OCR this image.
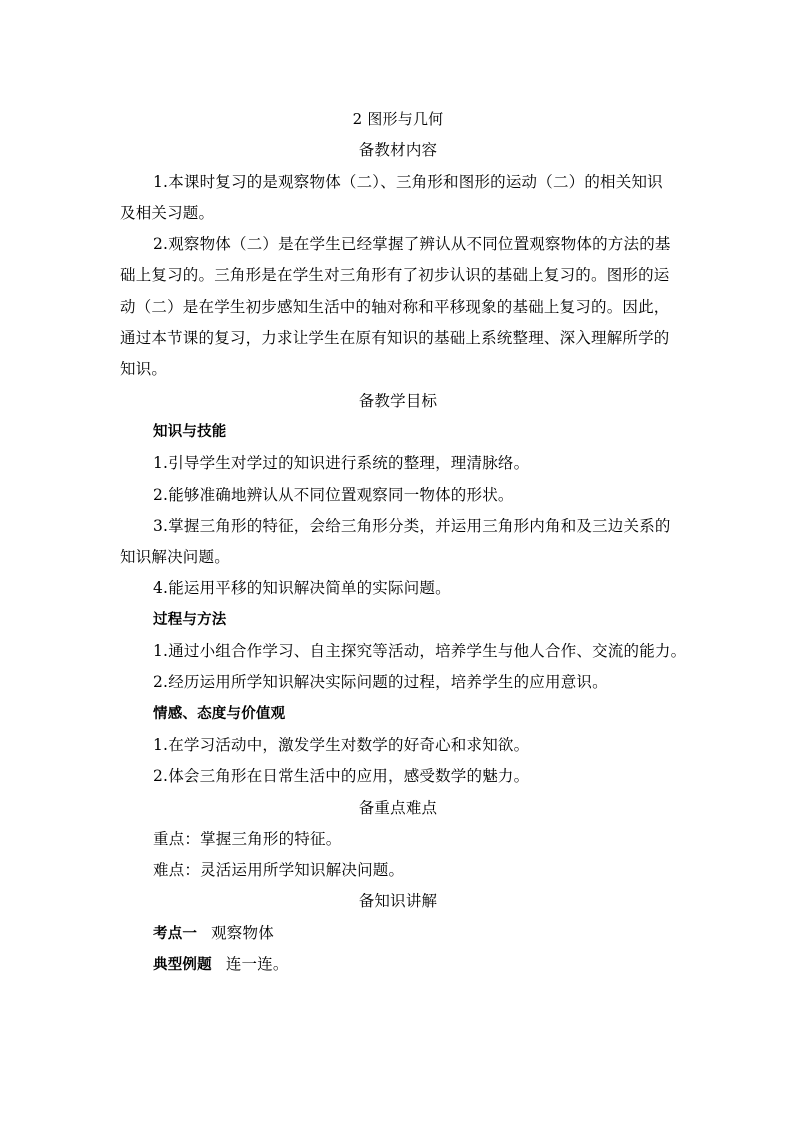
2 图形与几何
备教材内容
1.本课时复习的是观察物体（二）、三角形和图形的运动（二）的相关知识
及相关习题。
2.观察物体（二）是在学生已经掌握了辨认从不同位置观察物体的方法的基
础上复习的。三角形是在学生对三角形有了初步认识的基础上复习的。图形的运
动（二）是在学生初步感知生活中的轴对称和平移现象的基础上复习的。因此，
通过本节课的复习，力求让学生在原有知识的基础上系统整理、深入理解所学的
知识。
备教学目标
知识与技能
1.引导学生对学过的知识进行系统的整理，理清脉络。
2.能够准确地辨认从不同位置观察同一物体的形状。
3.掌握三角形的特征，会给三角形分类，并运用三角形内角和及三边关系的
知识解决问题。
4.能运用平移的知识解决简单的实际问题。
过程与方法
1.通过小组合作学习、自主探究等活动，培养学生与他人合作、交流的能力。
2.经历运用所学知识解决实际问题的过程，培养学生的应用意识。
情感、态度与价值观
1.在学习活动中，激发学生对数学的好奇心和求知欲。
2.体会三角形在日常生活中的应用，感受数学的魅力。
备重点难点
重点：掌握三角形的特征。
难点：灵活运用所学知识解决问题。
备知识讲解
考点一 观察物体
典型例题 连一连。
